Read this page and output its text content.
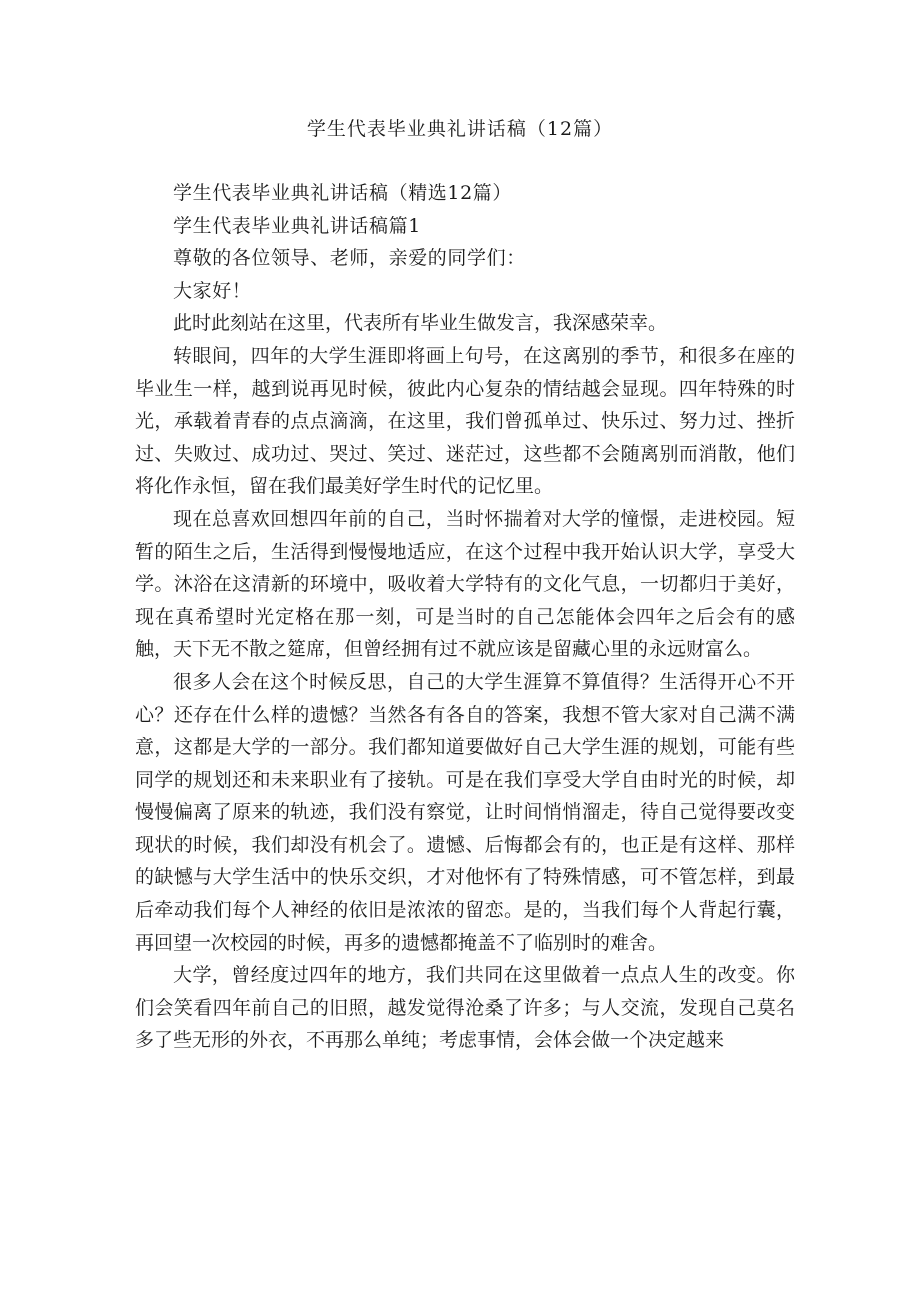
学生代表毕业典礼讲话稿（12篇）

学生代表毕业典礼讲话稿（精选12篇）

学生代表毕业典礼讲话稿篇1

尊敬的各位领导、老师，亲爱的同学们：

大家好！

此时此刻站在这里，代表所有毕业生做发言，我深感荣幸。

转眼间，四年的大学生涯即将画上句号，在这离别的季节，和很多在座的毕业生一样，越到说再见时候，彼此内心复杂的情结越会显现。四年特殊的时光，承载着青春的点点滴滴，在这里，我们曾孤单过、快乐过、努力过、挫折过、失败过、成功过、哭过、笑过、迷茫过，这些都不会随离别而消散，他们将化作永恒，留在我们最美好学生时代的记忆里。

现在总喜欢回想四年前的自己，当时怀揣着对大学的憧憬，走进校园。短暂的陌生之后，生活得到慢慢地适应，在这个过程中我开始认识大学，享受大学。沐浴在这清新的环境中，吸收着大学特有的文化气息，一切都归于美好，现在真希望时光定格在那一刻，可是当时的自己怎能体会四年之后会有的感触，天下无不散之筵席，但曾经拥有过不就应该是留藏心里的永远财富么。

很多人会在这个时候反思，自己的大学生涯算不算值得？生活得开心不开心？还存在什么样的遗憾？当然各有各自的答案，我想不管大家对自己满不满意，这都是大学的一部分。我们都知道要做好自己大学生涯的规划，可能有些同学的规划还和未来职业有了接轨。可是在我们享受大学自由时光的时候，却慢慢偏离了原来的轨迹，我们没有察觉，让时间悄悄溜走，待自己觉得要改变现状的时候，我们却没有机会了。遗憾、后悔都会有的，也正是有这样、那样的缺憾与大学生活中的快乐交织，才对他怀有了特殊情感，可不管怎样，到最后牵动我们每个人神经的依旧是浓浓的留恋。是的，当我们每个人背起行囊，再回望一次校园的时候，再多的遗憾都掩盖不了临别时的难舍。

大学，曾经度过四年的地方，我们共同在这里做着一点点人生的改变。你们会笑看四年前自己的旧照，越发觉得沧桑了许多；与人交流，发现自己莫名多了些无形的外衣，不再那么单纯；考虑事情，会体会做一个决定越来
